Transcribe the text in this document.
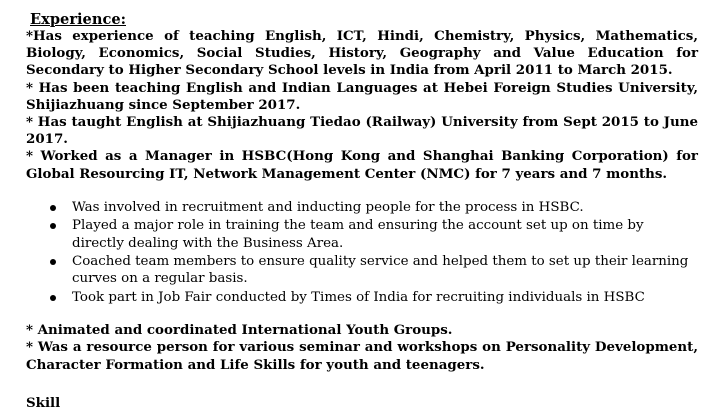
Experience:

*Has experience of teaching English, ICT, Hindi, Chemistry, Physics, Mathematics, Biology, Economics, Social Studies, History, Geography and Value Education for Secondary to Higher Secondary School levels in India from April 2011 to March 2015.

* Has been teaching English and Indian Languages at Hebei Foreign Studies University, Shijiazhuang since September 2017.

* Has taught English at Shijiazhuang Tiedao (Railway) University from Sept 2015 to June 2017.

* Worked as a Manager in HSBC(Hong Kong and Shanghai Banking Corporation) for Global Resourcing IT, Network Management Center (NMC) for 7 years and 7 months.

Was involved in recruitment and inducting people for the process in HSBC.
Played a major role in training the team and ensuring the account set up on time by directly dealing with the Business Area.
Coached team members to ensure quality service and helped them to set up their learning curves on a regular basis.
Took part in Job Fair conducted by Times of India for recruiting individuals in HSBC

* Animated and coordinated International Youth Groups.

* Was a resource person for various seminar and workshops on Personality Development, Character Formation and Life Skills for youth and teenagers.

Skill
